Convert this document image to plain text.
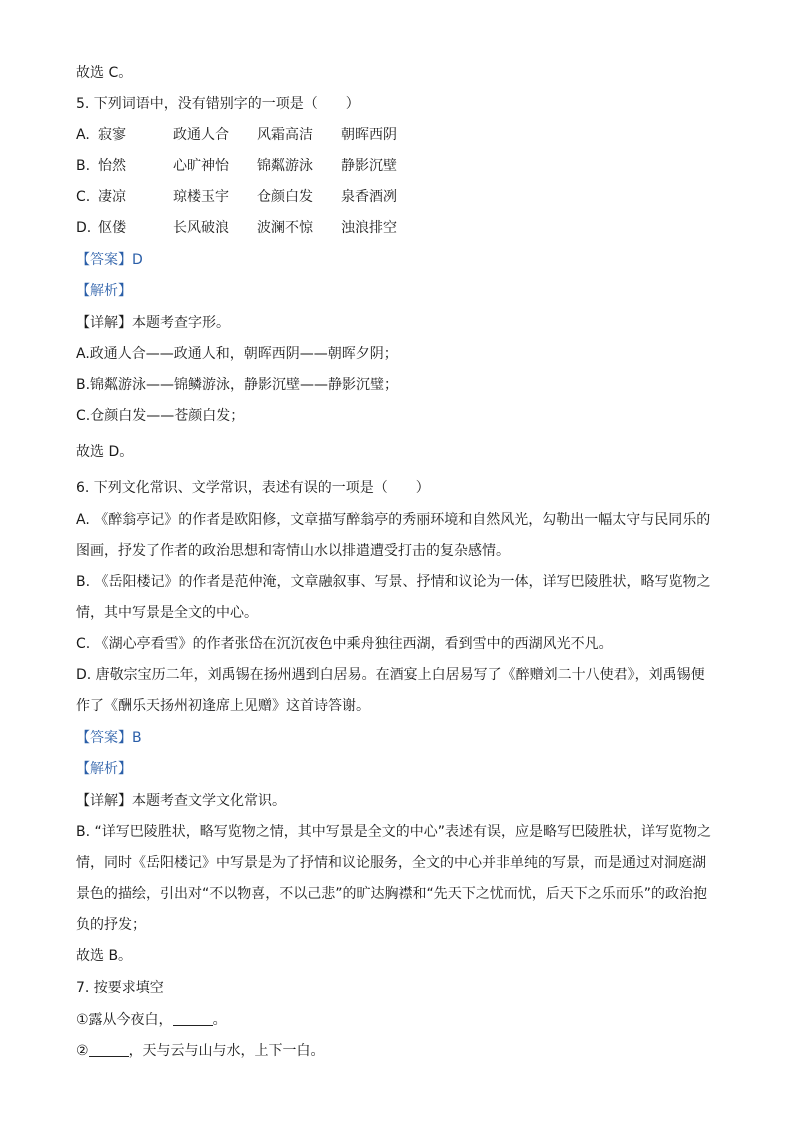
故选 C。
5. 下列词语中，没有错别字的一项是（　　）
A. 寂寥	政通人合 风霜高洁 朝晖西阴
B. 怡然	心旷神怡 锦粼游泳 静影沉壁
C. 凄凉	琼楼玉宇 仓颜白发 泉香酒冽
D. 伛偻	长风破浪 波澜不惊 浊浪排空
【答案】D
【解析】
【详解】本题考查字形。
A.政通人合——政通人和，朝晖西阴——朝晖夕阴；
B.锦粼游泳——锦鳞游泳，静影沉壁——静影沉璧；
C.仓颜白发——苍颜白发；
故选 D。
6. 下列文化常识、文学常识，表述有误的一项是（　　）
A. 《醉翁亭记》的作者是欧阳修，文章描写醉翁亭的秀丽环境和自然风光，勾勒出一幅太守与民同乐的图画，抒发了作者的政治思想和寄情山水以排遣遭受打击的复杂感情。
B. 《岳阳楼记》的作者是范仲淹，文章融叙事、写景、抒情和议论为一体，详写巴陵胜状，略写览物之情，其中写景是全文的中心。
C. 《湖心亭看雪》的作者张岱在沉沉夜色中乘舟独往西湖，看到雪中的西湖风光不凡。
D. 唐敬宗宝历二年，刘禹锡在扬州遇到白居易。在酒宴上白居易写了《醉赠刘二十八使君》，刘禹锡便作了《酬乐天扬州初逢席上见赠》这首诗答谢。
【答案】B
【解析】
【详解】本题考查文学文化常识。
B. “详写巴陵胜状，略写览物之情，其中写景是全文的中心”表述有误，应是略写巴陵胜状，详写览物之情，同时《岳阳楼记》中写景是为了抒情和议论服务，全文的中心并非单纯的写景，而是通过对洞庭湖景色的描绘，引出对“不以物喜，不以己悲”的旷达胸襟和“先天下之忧而忧，后天下之乐而乐”的政治抱负的抒发；
故选 B。
7. 按要求填空
①露从今夜白，	。
②	，天与云与山与水，上下一白。
